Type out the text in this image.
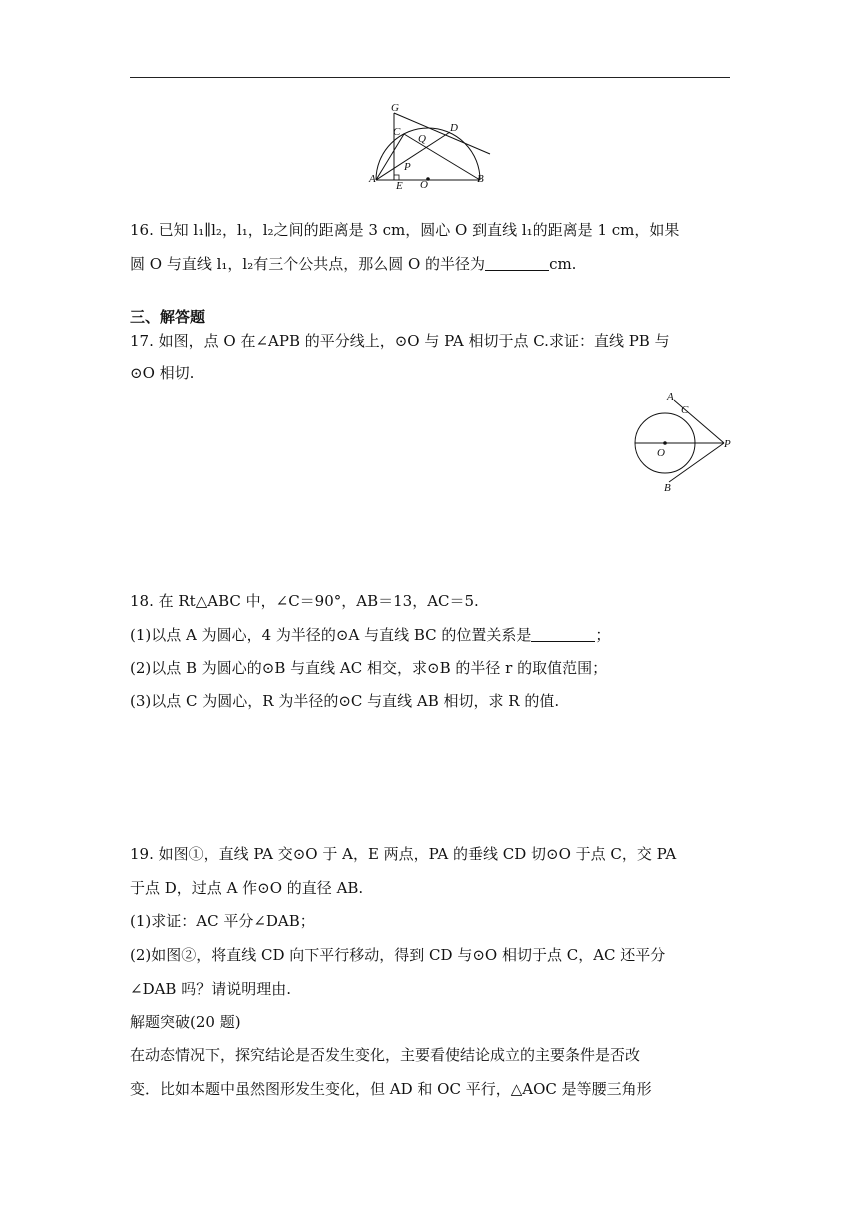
G
C
Q
D
P
A
E O	B

16. 已知 l₁∥l₂，l₁，l₂之间的距离是 3 cm，圆心 O 到直线 l₁的距离是 1 cm，如果

圆 O 与直线 l₁，l₂有三个公共点，那么圆 O 的半径为	cm.

三、解答题

17. 如图，点 O 在∠APB 的平分线上，⊙O 与 PA 相切于点 C.求证：直线 PB 与

⊙O 相切.

A
C
O
P
B

18. 在 Rt△ABC 中，∠C＝90°，AB＝13，AC＝5.

(1)以点 A 为圆心，4 为半径的⊙A 与直线 BC 的位置关系是	；

(2)以点 B 为圆心的⊙B 与直线 AC 相交，求⊙B 的半径 r 的取值范围；

(3)以点 C 为圆心，R 为半径的⊙C 与直线 AB 相切，求 R 的值.

19. 如图①，直线 PA 交⊙O 于 A，E 两点，PA 的垂线 CD 切⊙O 于点 C，交 PA

于点 D，过点 A 作⊙O 的直径 AB.

(1)求证：AC 平分∠DAB；

(2)如图②，将直线 CD 向下平行移动，得到 CD 与⊙O 相切于点 C，AC 还平分

∠DAB 吗？请说明理由.

解题突破(20 题)

在动态情况下，探究结论是否发生变化，主要看使结论成立的主要条件是否改

变．比如本题中虽然图形发生变化，但 AD 和 OC 平行，△AOC 是等腰三角形
